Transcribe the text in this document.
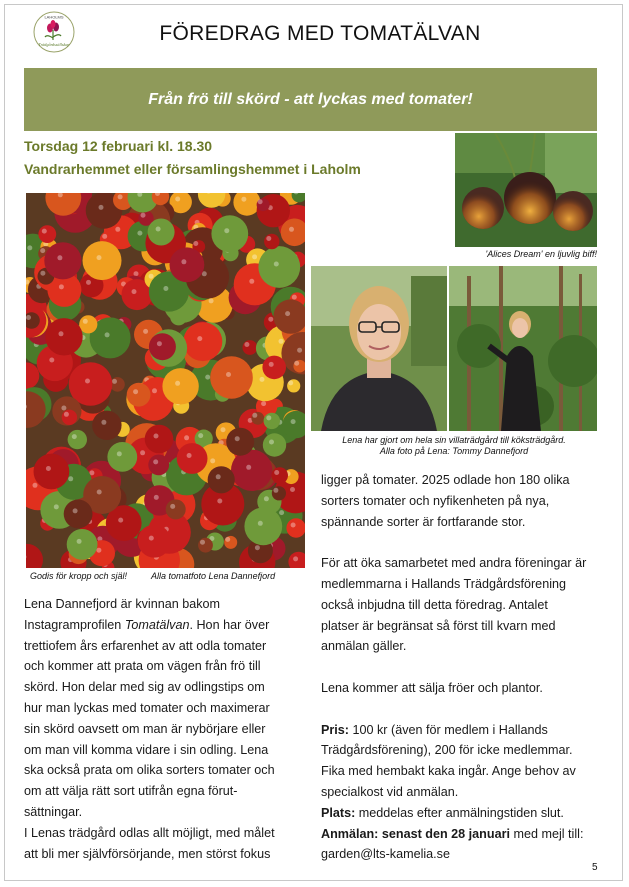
LAHOLMS
Trädgårdssällskap	FÖREDRAG MED TOMATÄLVAN
Från frö till skörd - att lyckas med tomater!
Torsdag 12 februari kl. 18.30
Vandrarhemmet eller församlingshemmet i Laholm
'Alices Dream' en ljuvlig biff!
Godis för kropp och själ!	Alla tomatfoto Lena Dannefjord
Lena har gjort om hela sin villaträdgård till köksträdgård.
Alla foto på Lena: Tommy Dannefjord

Lena Dannefjord är kvinnan bakom

Instagramprofilen Tomatälvan. Hon har över

trettiofem års erfarenhet av att odla tomater

och kommer att prata om vägen från frö till

skörd. Hon delar med sig av odlingstips om

hur man lyckas med tomater och maximerar

sin skörd oavsett om man är nybörjare eller

om man vill komma vidare i sin odling. Lena

ska också prata om olika sorters tomater och

om att välja rätt sort utifrån egna förut-

sättningar.

I Lenas trädgård odlas allt möjligt, med målet

att bli mer självförsörjande, men störst fokus

ligger på tomater. 2025 odlade hon 180 olika

sorters tomater och nyfikenheten på nya,

spännande sorter är fortfarande stor.

För att öka samarbetet med andra föreningar är

medlemmarna i Hallands Trädgårdsförening

också inbjudna till detta föredrag. Antalet

platser är begränsat så först till kvarn med

anmälan gäller.

Lena kommer att sälja fröer och plantor.

Pris: 100 kr (även för medlem i Hallands

Trädgårdsförening), 200 för icke medlemmar.

Fika med hembakt kaka ingår. Ange behov av

specialkost vid anmälan.

Plats: meddelas efter anmälningstiden slut.

Anmälan: senast den 28 januari med mejl till:

garden@lts-kamelia.se

5
